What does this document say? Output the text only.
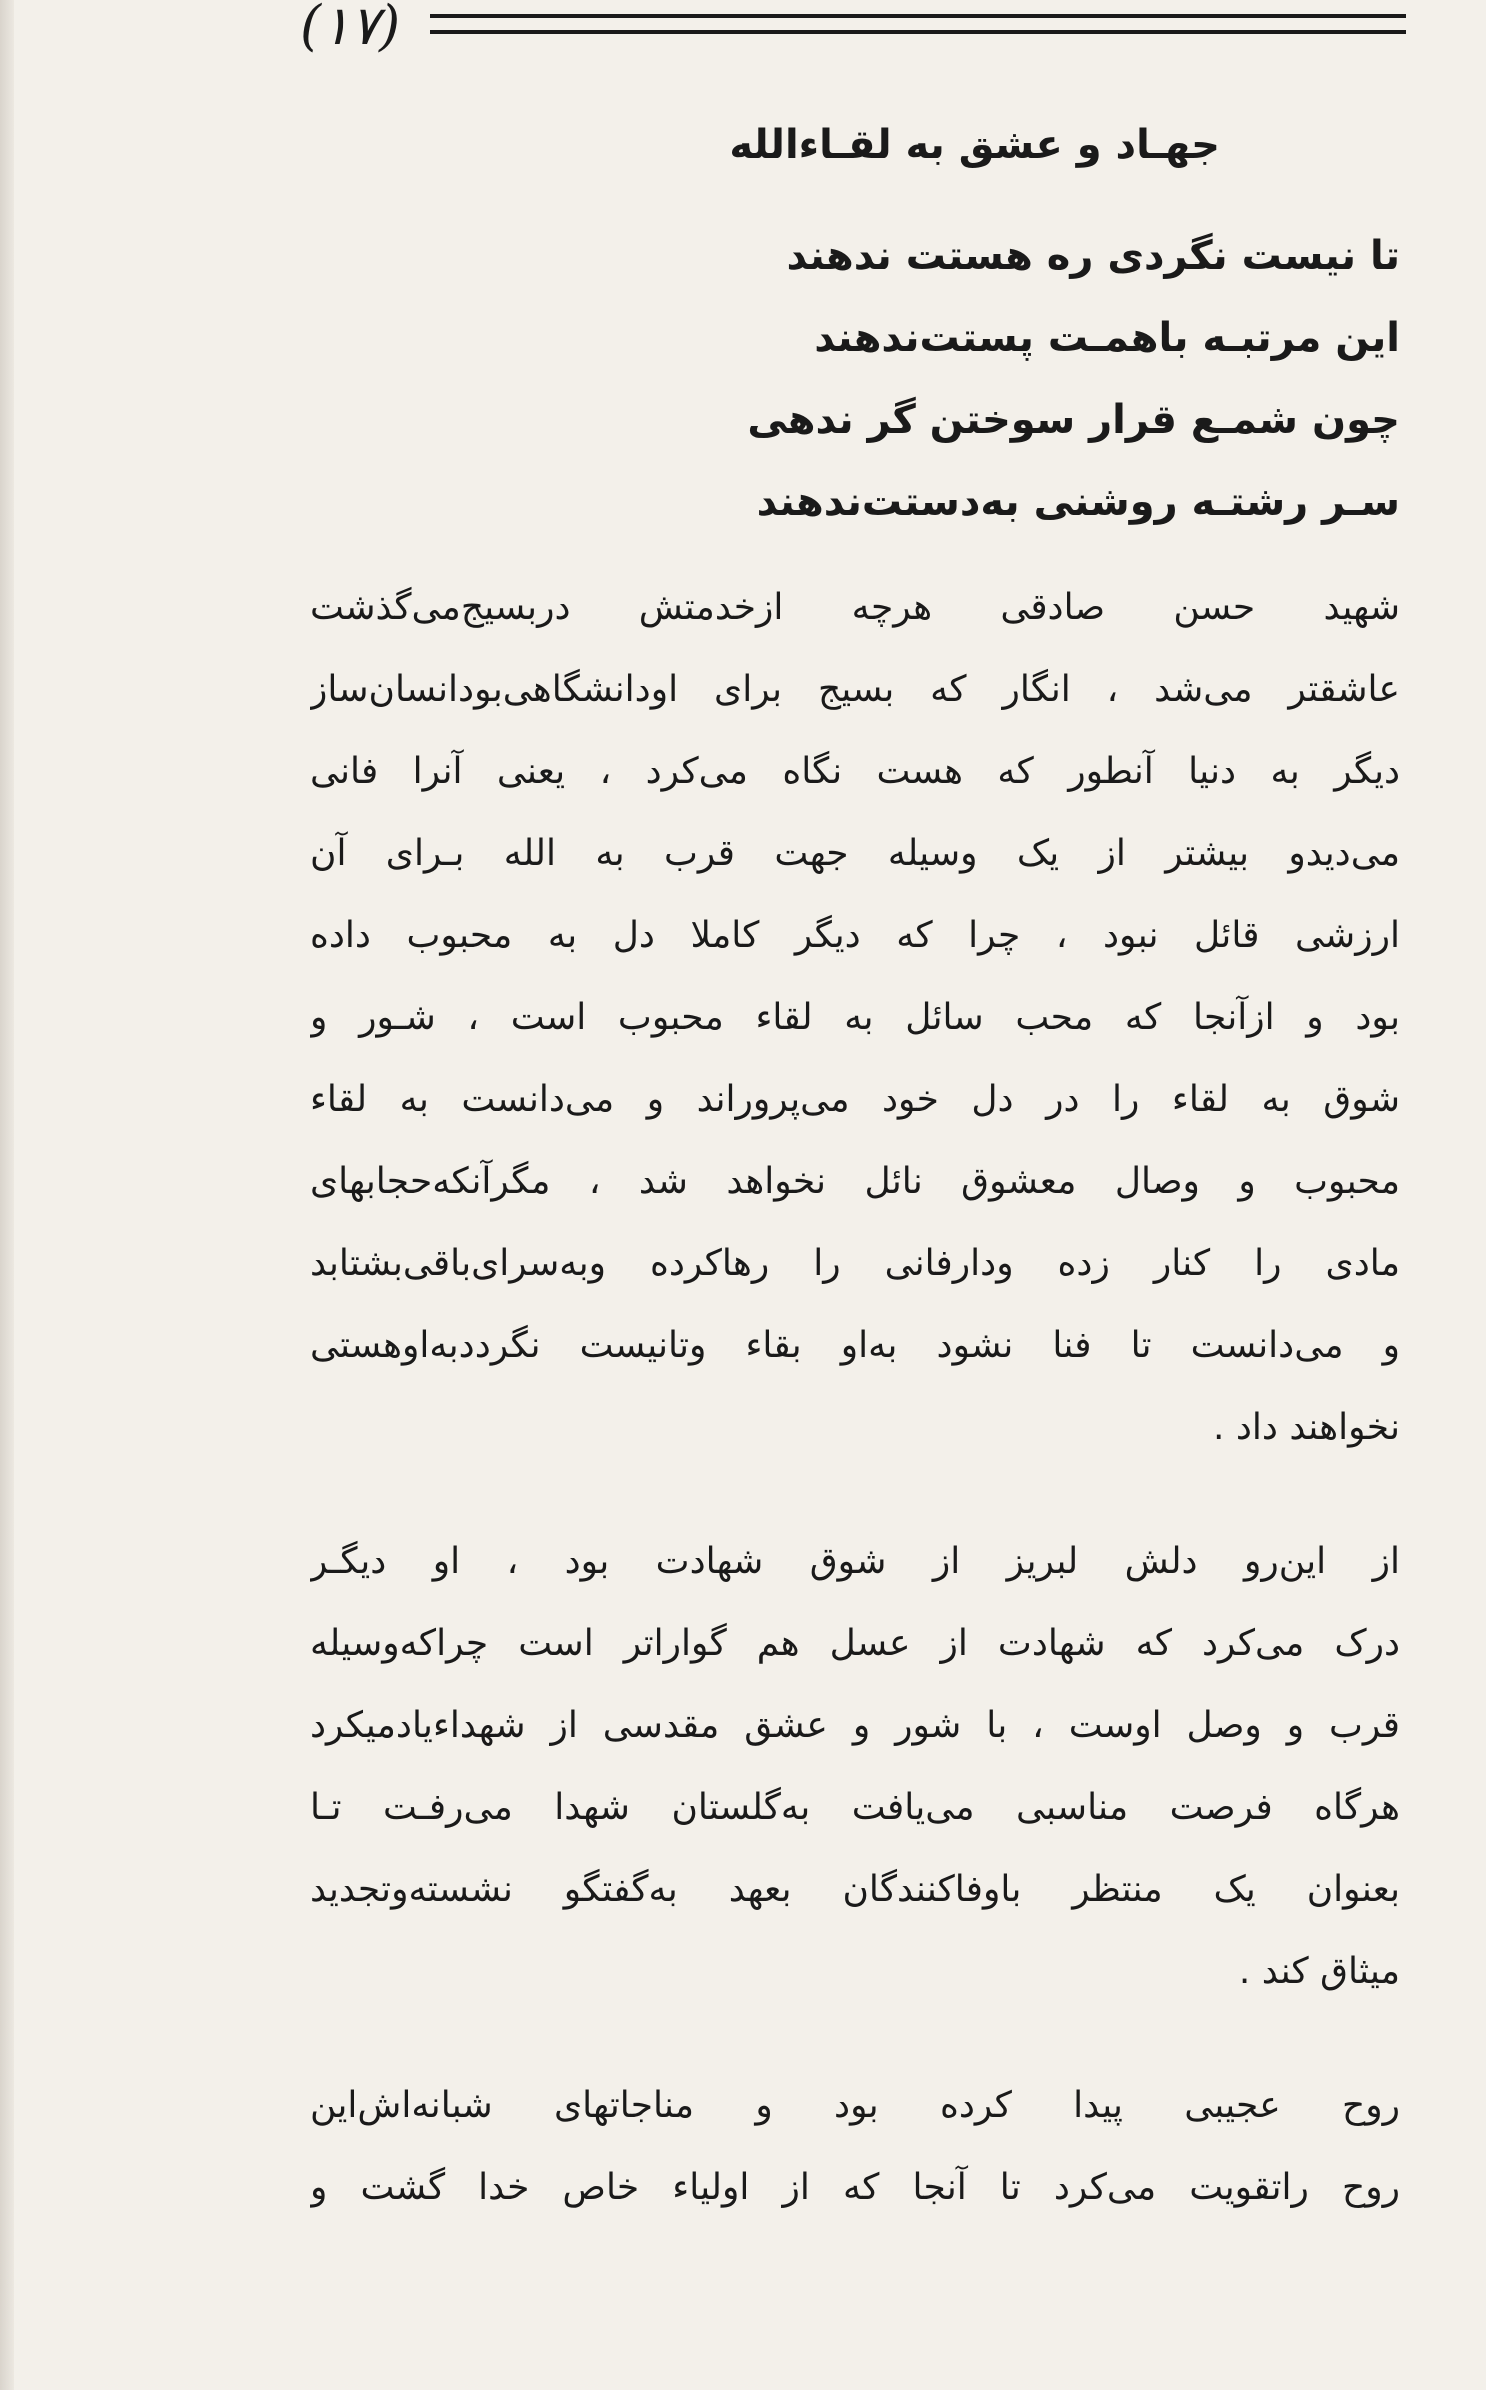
(۱۷)
جهـاد و عشق به لقـاءالله
تا نیست نگردی ره هستت ندهند
این مرتبـه باهمـت پستت‌ندهند
چون شمـع قرار سوختن گر ندهی
سـر رشتـه روشنی به‌دستت‌ندهند
شهید حسن صادقی هرچه ازخدمتش دربسیج‌می‌گذشت
عاشقتر می‌شد ، انگار که بسیج برای اودانشگاهی‌بودانسان‌ساز
دیگر به دنیا آنطور که هست نگاه می‌کرد ، یعنی آنرا فانی
می‌دیدو بیشتر از یک وسیله جهت قرب به الله بـرای آن
ارزشی قائل نبود ، چرا که دیگر کاملا دل به محبوب داده
بود و ازآنجا که محب سائل به لقاء محبوب است ، شـور و
شوق به لقاء را در دل خود می‌پروراند و می‌دانست به لقاء
محبوب و وصال معشوق نائل نخواهد شد ، مگرآنکه‌حجابهای
مادی را کنار زده ودارفانی را رهاکرده وبه‌سرای‌باقی‌بشتابد
و می‌دانست تا فنا نشود به‌او بقاء وتانیست نگرددبه‌اوهستی
نخواهند داد .
از این‌رو دلش لبریز از شوق شهادت بود ، او دیگـر
درک می‌کرد که شهادت از عسل هم گواراتر است چراکه‌وسیله
قرب و وصل اوست ، با شور و عشق مقدسی از شهداءیادمیکرد
هرگاه فرصت مناسبی می‌یافت به‌گلستان شهدا می‌رفـت تـا
بعنوان یک منتظر باوفاکنندگان بعهد به‌گفتگو نشسته‌وتجدید
میثاق کند .
روح عجیبی پیدا کرده بود و مناجاتهای شبانه‌اش‌این
روح راتقویت می‌کرد تا آنجا که از اولیاء خاص خدا گشت و
